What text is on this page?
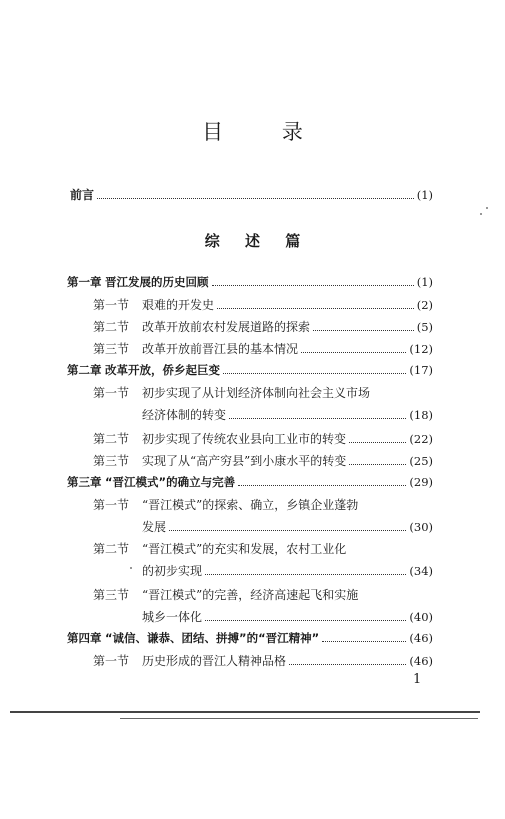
目 录
前言	(1)
综 述 篇
第一章 晋江发展的历史回顾	(1)
第一节	艰难的开发史	(2)
第二节	改革开放前农村发展道路的探索	(5)
第三节	改革开放前晋江县的基本情况	(12)
第二章 改革开放，侨乡起巨变	(17)
第一节 初步实现了从计划经济体制向社会主义市场
经济体制的转变	(18)
第二节	初步实现了传统农业县向工业市的转变	(22)
第三节	实现了从“高产穷县”到小康水平的转变	(25)
第三章 “晋江模式”的确立与完善	(29)
第一节 “晋江模式”的探索、确立，乡镇企业蓬勃
发展	(30)
第二节 “晋江模式”的充实和发展，农村工业化
的初步实现	(34)
第三节 “晋江模式”的完善，经济高速起飞和实施
城乡一体化	(40)
第四章 “诚信、谦恭、团结、拼搏”的“晋江精神”	(46)
第一节	历史形成的晋江人精神品格	(46)
1
